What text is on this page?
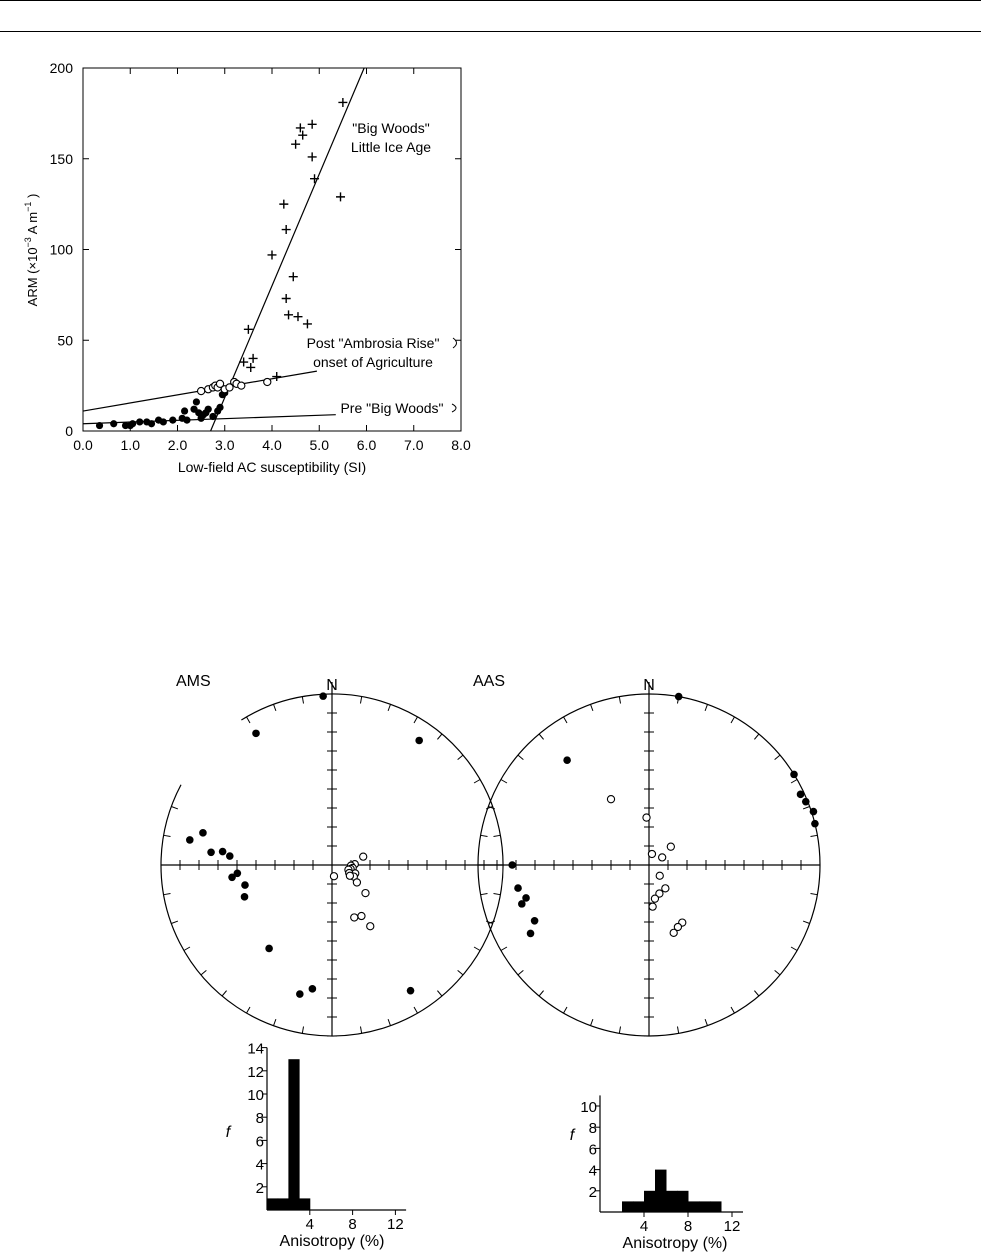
0.0 1.0 2.0 3.0 4.0 5.0 6.0 7.0 8.0
0
50
100
150
200
Low-field AC susceptibility (SI)
ARM ($\times 10^{-3}$ A $m^{-1}$ )
"Big Woods"
Little Ice Age
Post "Ambrosia Rise"
onset of Agriculture
Pre "Big Woods"
AMS	AAS
N	N
2
4
6
8
10
12
14
4 8 12
2
4
6
8
10
4 8 12
f
Anisotropy (%)
f
Anisotropy (%)
